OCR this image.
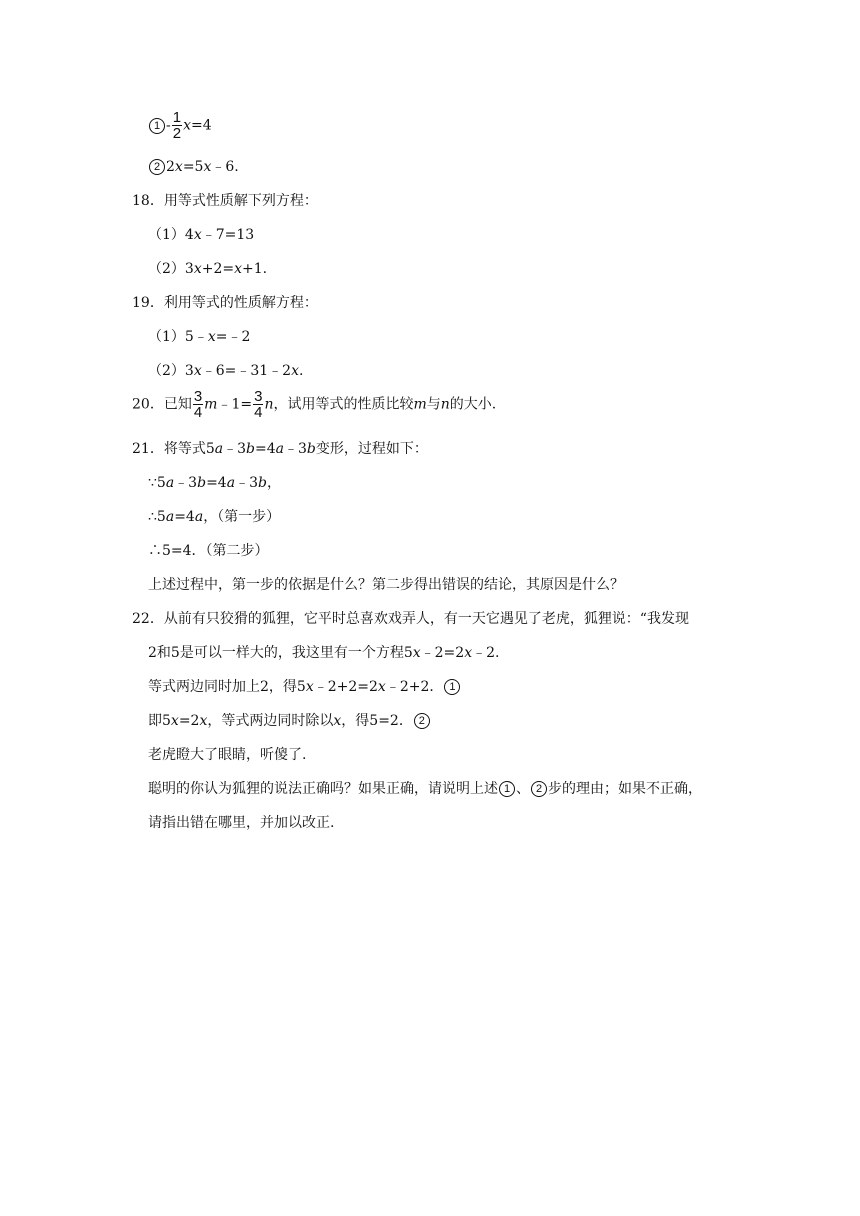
$1 - \frac{1}{2} x=4$
2 2x=5x﹣6.
18．用等式性质解下列方程：
（1）4x﹣7=13
（2）3x+2=x+1.
19．利用等式的性质解方程：
（1）5﹣x=﹣2
（2）3x﹣6=﹣31﹣2x.
20．已知 $\frac{3}{4}$ m﹣1= $\frac{3}{4}$ n，试用等式的性质比较m与n的大小.
21．将等式5a﹣3b=4a﹣3b变形，过程如下：
∵5a﹣3b=4a﹣3b，
∴5a=4a，（第一步）
∴5=4．（第二步）
上述过程中，第一步的依据是什么？第二步得出错误的结论，其原因是什么？
22．从前有只狡猾的狐狸，它平时总喜欢戏弄人，有一天它遇见了老虎，狐狸说：“我发现
2和5是可以一样大的，我这里有一个方程5x﹣2=2x﹣2.
等式两边同时加上2，得5x﹣2+2=2x﹣2+2． 1
即5x=2x，等式两边同时除以x，得5=2． 2
老虎瞪大了眼睛，听傻了.
聪明的你认为狐狸的说法正确吗？如果正确，请说明上述 1 、 2 步的理由；如果不正确，
请指出错在哪里，并加以改正.
